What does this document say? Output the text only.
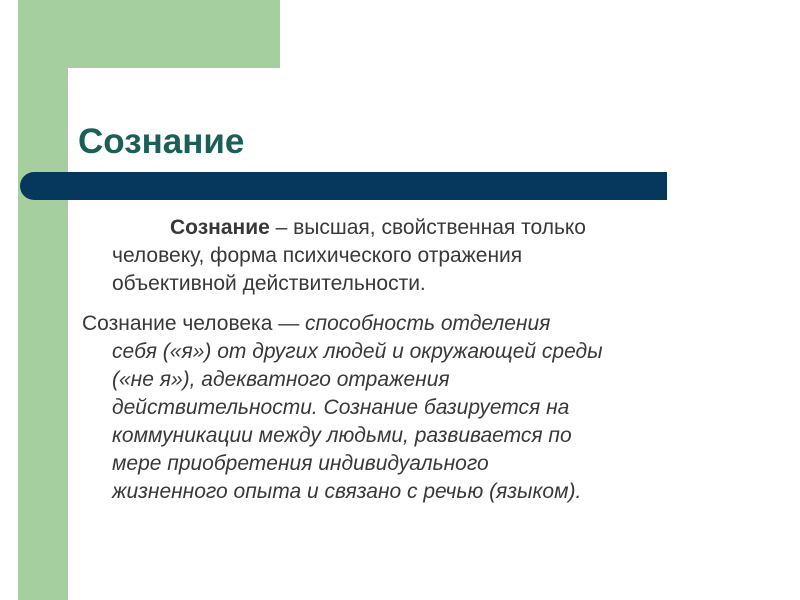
Сознание
Сознание – высшая, свойственная только
человеку, форма психического отражения
объективной действительности.
Сознание человека — способность отделения
себя («я») от других людей и окружающей среды
(«не я»), адекватного отражения
действительности. Сознание базируется на
коммуникации между людьми, развивается по
мере приобретения индивидуального
жизненного опыта и связано с речью (языком).
